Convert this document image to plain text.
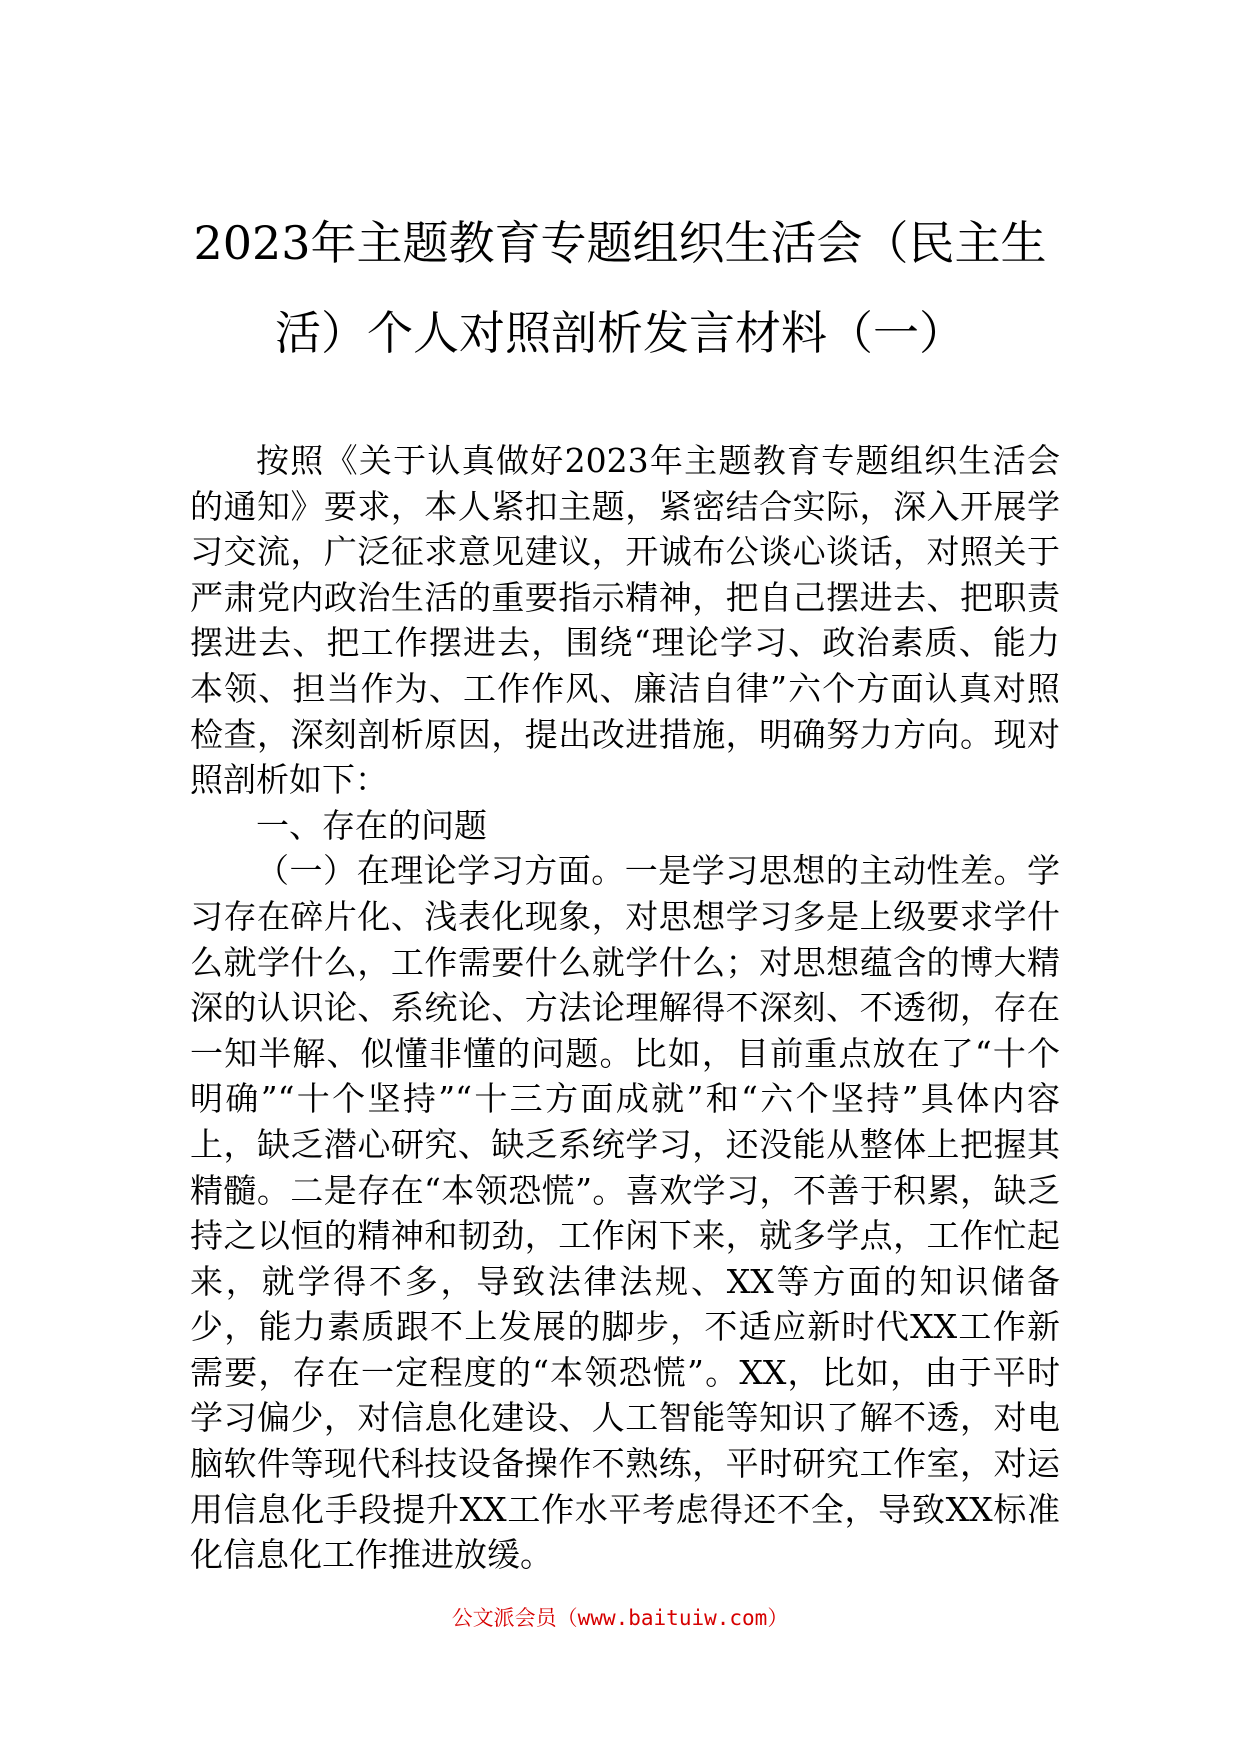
2023年主题教育专题组织生活会（民主生
活）个人对照剖析发言材料（一）

按照《关于认真做好2023年主题教育专题组织生活会的通知》要求，本人紧扣主题，紧密结合实际，深入开展学习交流，广泛征求意见建议，开诚布公谈心谈话，对照关于严肃党内政治生活的重要指示精神，把自己摆进去、把职责摆进去、把工作摆进去，围绕“理论学习、政治素质、能力本领、担当作为、工作作风、廉洁自律”六个方面认真对照检查，深刻剖析原因，提出改进措施，明确努力方向。现对照剖析如下：

一、存在的问题

（一）在理论学习方面。一是学习思想的主动性差。学习存在碎片化、浅表化现象，对思想学习多是上级要求学什么就学什么，工作需要什么就学什么；对思想蕴含的博大精深的认识论、系统论、方法论理解得不深刻、不透彻，存在一知半解、似懂非懂的问题。比如，目前重点放在了“十个明确”“十个坚持”“十三方面成就”和“六个坚持”具体内容上，缺乏潜心研究、缺乏系统学习，还没能从整体上把握其精髓。二是存在“本领恐慌”。喜欢学习，不善于积累，缺乏持之以恒的精神和韧劲，工作闲下来，就多学点，工作忙起来，就学得不多，导致法律法规、XX等方面的知识储备少，能力素质跟不上发展的脚步，不适应新时代XX工作新需要，存在一定程度的“本领恐慌”。XX，比如，由于平时学习偏少，对信息化建设、人工智能等知识了解不透，对电脑软件等现代科技设备操作不熟练，平时研究工作室，对运用信息化手段提升XX工作水平考虑得还不全，导致XX标准化信息化工作推进放缓。

公文派会员（www.baituiw.com）
